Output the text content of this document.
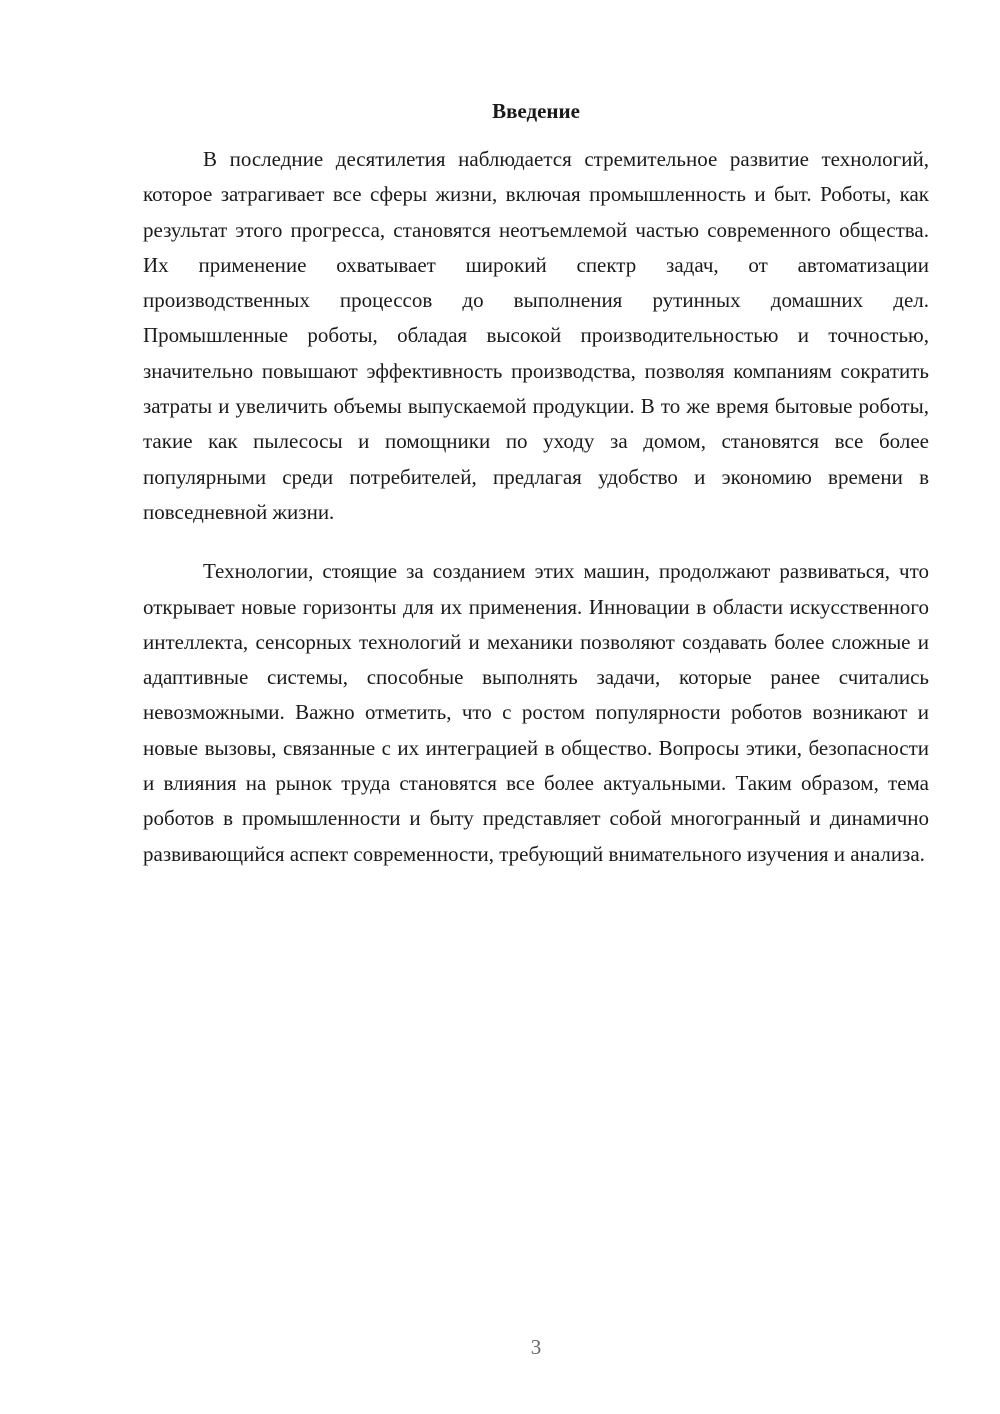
Введение

В последние десятилетия наблюдается стремительное развитие технологий, которое затрагивает все сферы жизни, включая промышленность и быт. Роботы, как результат этого прогресса, становятся неотъемлемой частью современного общества. Их применение охватывает широкий спектр задач, от автоматизации производственных процессов до выполнения рутинных домашних дел. Промышленные роботы, обладая высокой производительностью и точностью, значительно повышают эффективность производства, позволяя компаниям сократить затраты и увеличить объемы выпускаемой продукции. В то же время бытовые роботы, такие как пылесосы и помощники по уходу за домом, становятся все более популярными среди потребителей, предлагая удобство и экономию времени в повседневной жизни.

Технологии, стоящие за созданием этих машин, продолжают развиваться, что открывает новые горизонты для их применения. Инновации в области искусственного интеллекта, сенсорных технологий и механики позволяют создавать более сложные и адаптивные системы, способные выполнять задачи, которые ранее считались невозможными. Важно отметить, что с ростом популярности роботов возникают и новые вызовы, связанные с их интеграцией в общество. Вопросы этики, безопасности и влияния на рынок труда становятся все более актуальными. Таким образом, тема роботов в промышленности и быту представляет собой многогранный и динамично развивающийся аспект современности, требующий внимательного изучения и анализа.

3
